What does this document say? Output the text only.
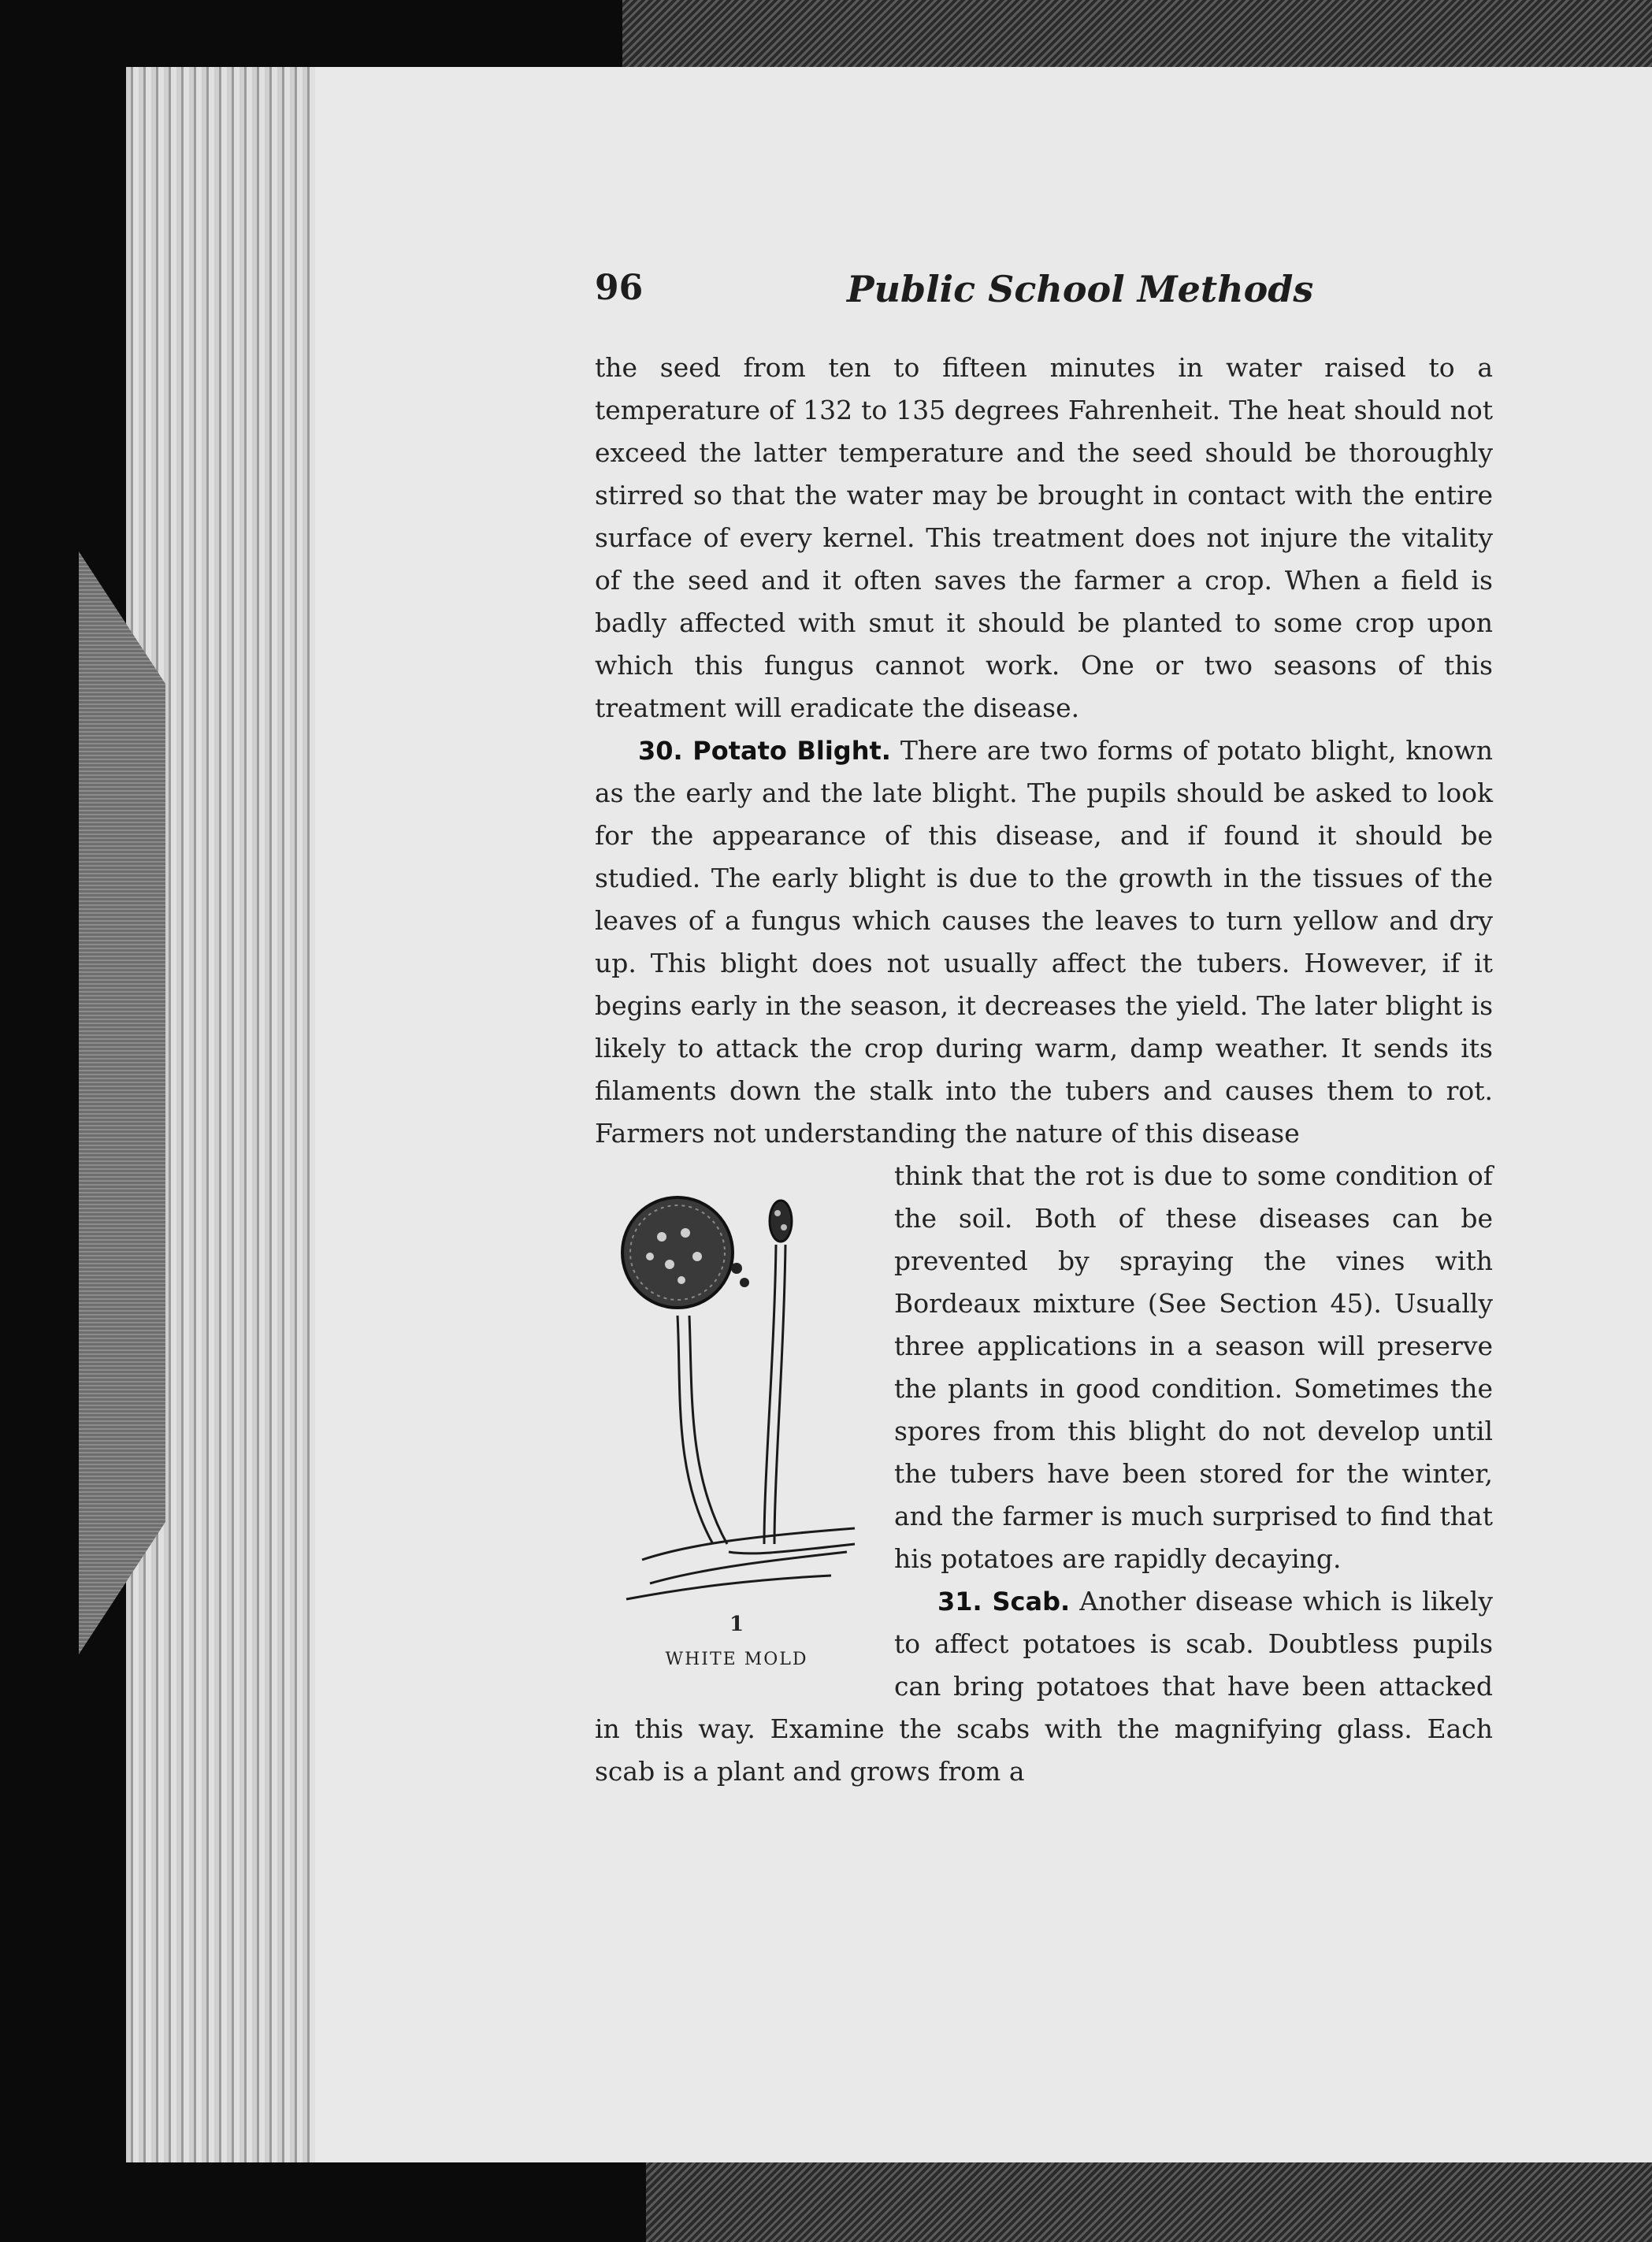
96	Public School Methods

the seed from ten to fifteen minutes in water raised to a temperature of 132 to 135 degrees Fahrenheit. The heat should not exceed the latter temperature and the seed should be thoroughly stirred so that the water may be brought in contact with the entire surface of every kernel. This treatment does not injure the vitality of the seed and it often saves the farmer a crop. When a field is badly affected with smut it should be planted to some crop upon which this fungus cannot work. One or two seasons of this treatment will eradicate the disease.

30. Potato Blight. There are two forms of potato blight, known as the early and the late blight. The pupils should be asked to look for the appearance of this disease, and if found it should be studied. The early blight is due to the growth in the tissues of the leaves of a fungus which causes the leaves to turn yellow and dry up. This blight does not usually affect the tubers. However, if it begins early in the season, it decreases the yield. The later blight is likely to attack the crop during warm, damp weather. It sends its filaments down the stalk into the tubers and causes them to rot. Farmers not understanding the nature of this disease

1
WHITE MOLD
think that the rot is due to some condition of the soil. Both of these diseases can be prevented by spraying the vines with Bordeaux mixture (See Section 45). Usually three applications in a season will preserve the plants in good condition. Sometimes the spores from this blight do not develop until the tubers have been stored for the winter, and the farmer is much surprised to find that his potatoes are rapidly decaying.

31. Scab. Another disease which is likely to affect potatoes is scab. Doubtless pupils can bring potatoes that have been attacked in this way. Examine the scabs with the magnifying glass. Each scab is a plant and grows from a
